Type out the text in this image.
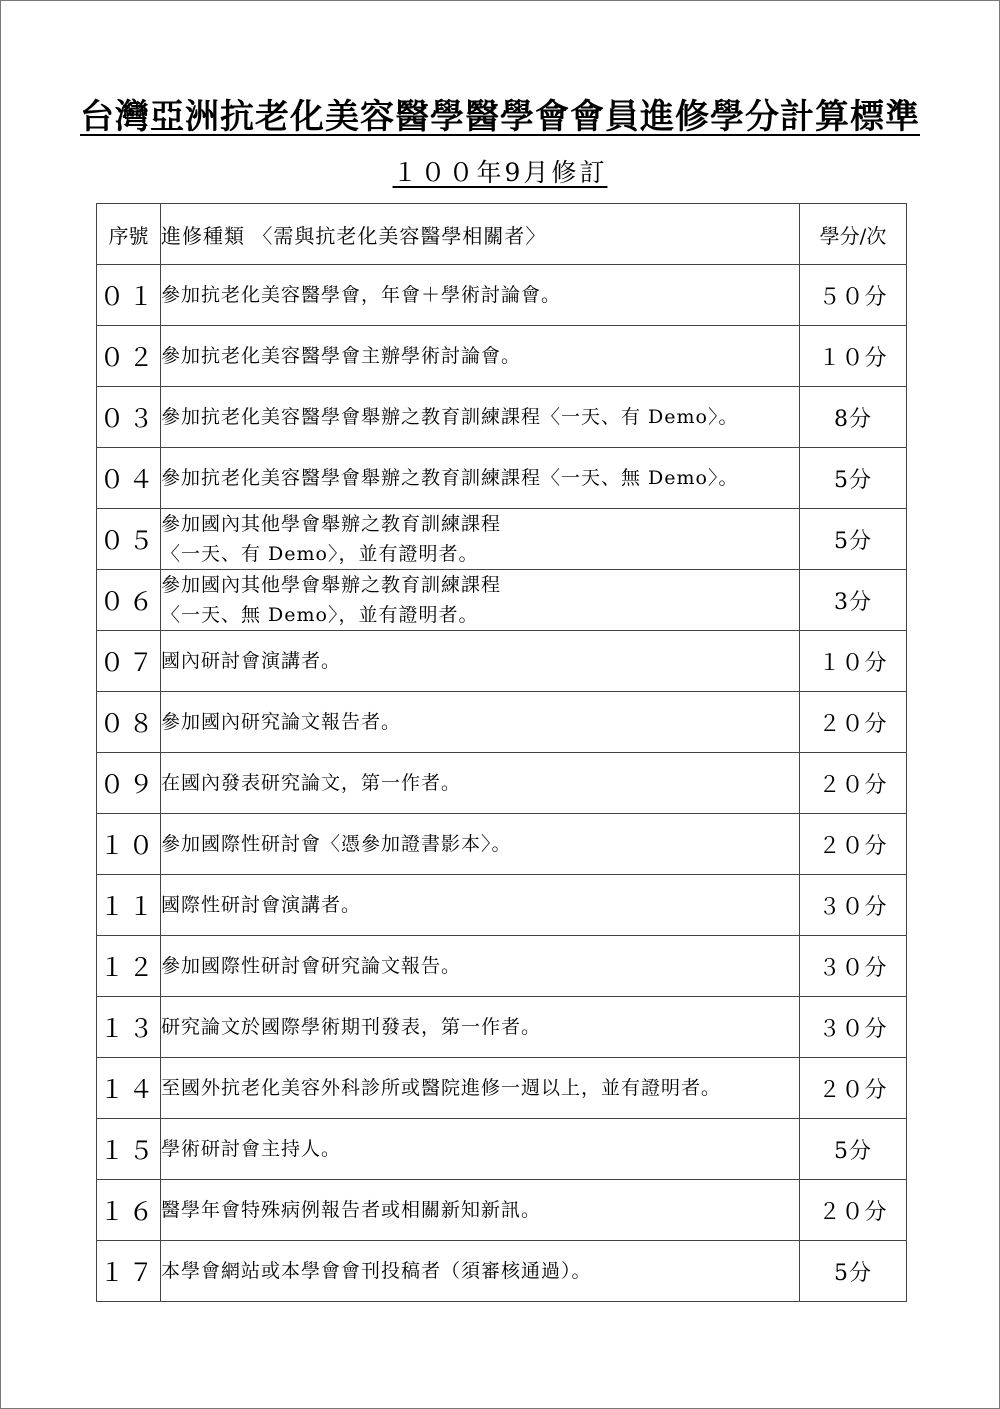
台灣亞洲抗老化美容醫學醫學會會員進修學分計算標準
１００年9月修訂
序號	進修種類 〈需與抗老化美容醫學相關者〉	學分/次
０１	參加抗老化美容醫學會，年會＋學術討論會。	５０分
０２	參加抗老化美容醫學會主辦學術討論會。	１０分
０３	參加抗老化美容醫學會舉辦之教育訓練課程〈一天、有 Demo〉。	8分
０４	參加抗老化美容醫學會舉辦之教育訓練課程〈一天、無 Demo〉。	5分
０５	參加國內其他學會舉辦之教育訓練課程
〈一天、有 Demo〉，並有證明者。	5分
０６	參加國內其他學會舉辦之教育訓練課程
〈一天、無 Demo〉，並有證明者。	3分
０７	國內研討會演講者。	１０分
０８	參加國內研究論文報告者。	２０分
０９	在國內發表研究論文，第一作者。	２０分
１０	參加國際性研討會〈憑參加證書影本〉。	２０分
１１	國際性研討會演講者。	３０分
１２	參加國際性研討會研究論文報告。	３０分
１３	研究論文於國際學術期刊發表，第一作者。	３０分
１４	至國外抗老化美容外科診所或醫院進修一週以上，並有證明者。	２０分
１５	學術研討會主持人。	5分
１６	醫學年會特殊病例報告者或相關新知新訊。	２０分
１７	本學會網站或本學會會刊投稿者（須審核通過）。	5分
